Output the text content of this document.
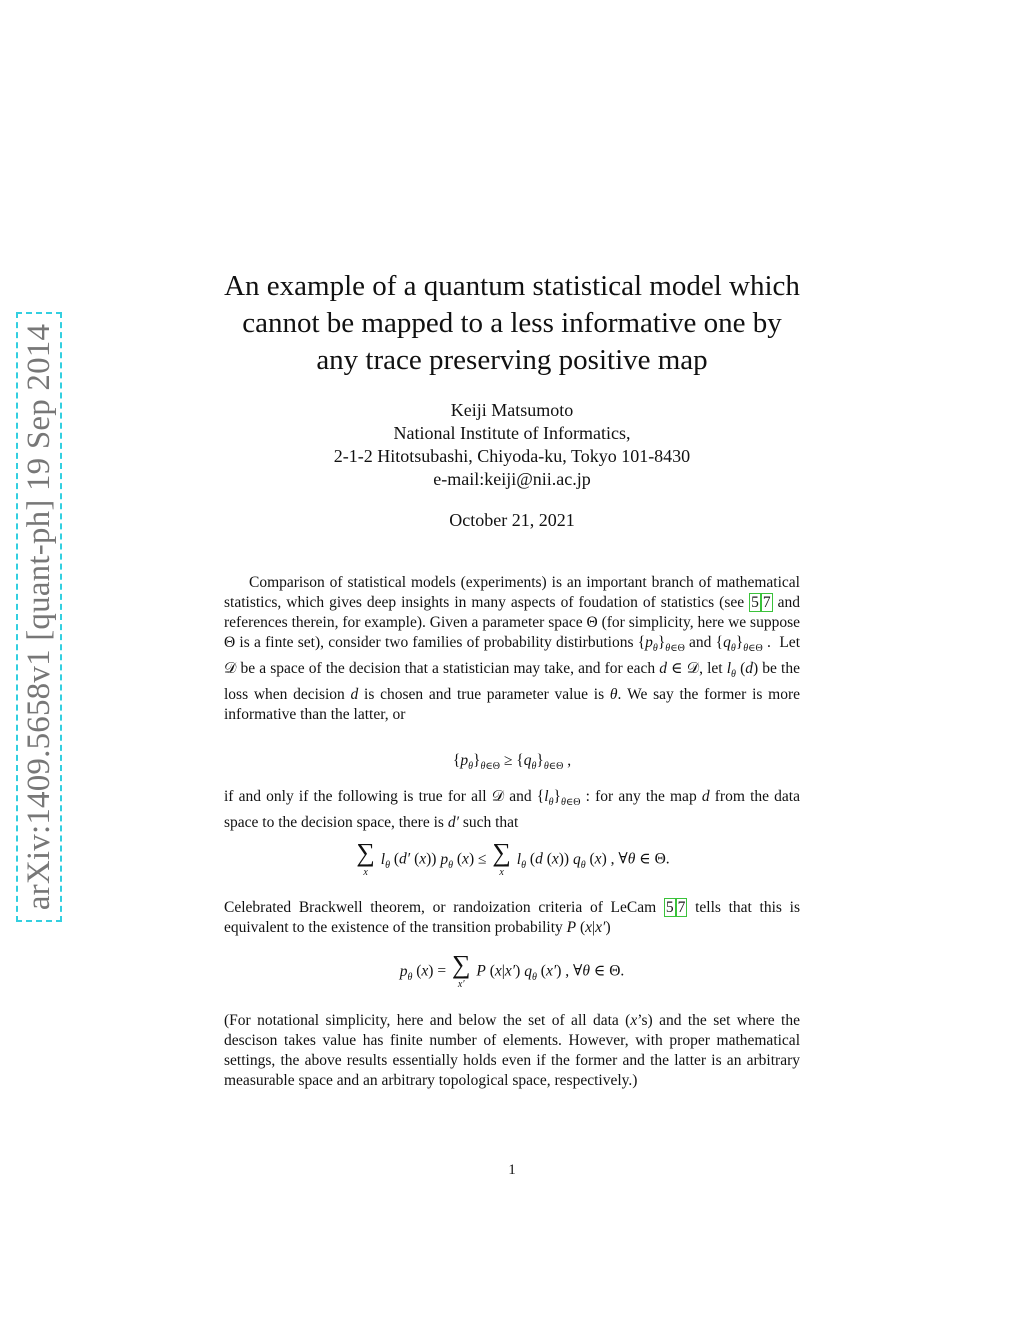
arXiv:1409.5658v1 [quant-ph] 19 Sep 2014
An example of a quantum statistical model which
cannot be mapped to a less informative one by
any trace preserving positive map
Keiji Matsumoto
National Institute of Informatics,
2-1-2 Hitotsubashi, Chiyoda-ku, Tokyo 101-8430
e-mail:keiji@nii.ac.jp
October 21, 2021
Comparison of statistical models (experiments) is an important branch of mathematical statistics, which gives deep insights in many aspects of foudation of statistics (see 5 7 and references therein, for example). Given a parameter space Θ (for simplicity, here we suppose Θ is a finte set), consider two families of probability distirbutions $\{p_\theta\}_{\theta\in\Theta}$ and $\{q_\theta\}_{\theta\in\Theta}$ .  Let 𝒟 be a space of the decision that a statistician may take, and for each d ∈ 𝒟, let $l_\theta$ (d) be the loss when decision d is chosen and true parameter value is θ. We say the former is more informative than the latter, or
$\{p_\theta\}_{\theta\in\Theta} \ge \{q_\theta\}_{\theta\in\Theta}$ ,
if and only if the following is true for all 𝒟 and $\{l_\theta\}_{\theta\in\Theta}$ : for any the map d from the data space to the decision space, there is d′ such that
∑
x
$l_\theta$ (d′ (x)) $p_\theta$ (x) ≤ ∑
x
$l_\theta$ (d (x)) $q_\theta$ (x) , ∀θ ∈ Θ.
Celebrated Brackwell theorem, or randoization criteria of LeCam 5 7 tells that this is equivalent to the existence of the transition probability P (x|x′)
$p_\theta$ (x) = ∑
x′
P (x|x′) $q_\theta$ (x′) , ∀θ ∈ Θ.
(For notational simplicity, here and below the set of all data (x’s) and the set where the descison takes value has finite number of elements. However, with proper mathematical settings, the above results essentially holds even if the former and the latter is an arbitrary measurable space and an arbitrary topological space, respectively.)
1
